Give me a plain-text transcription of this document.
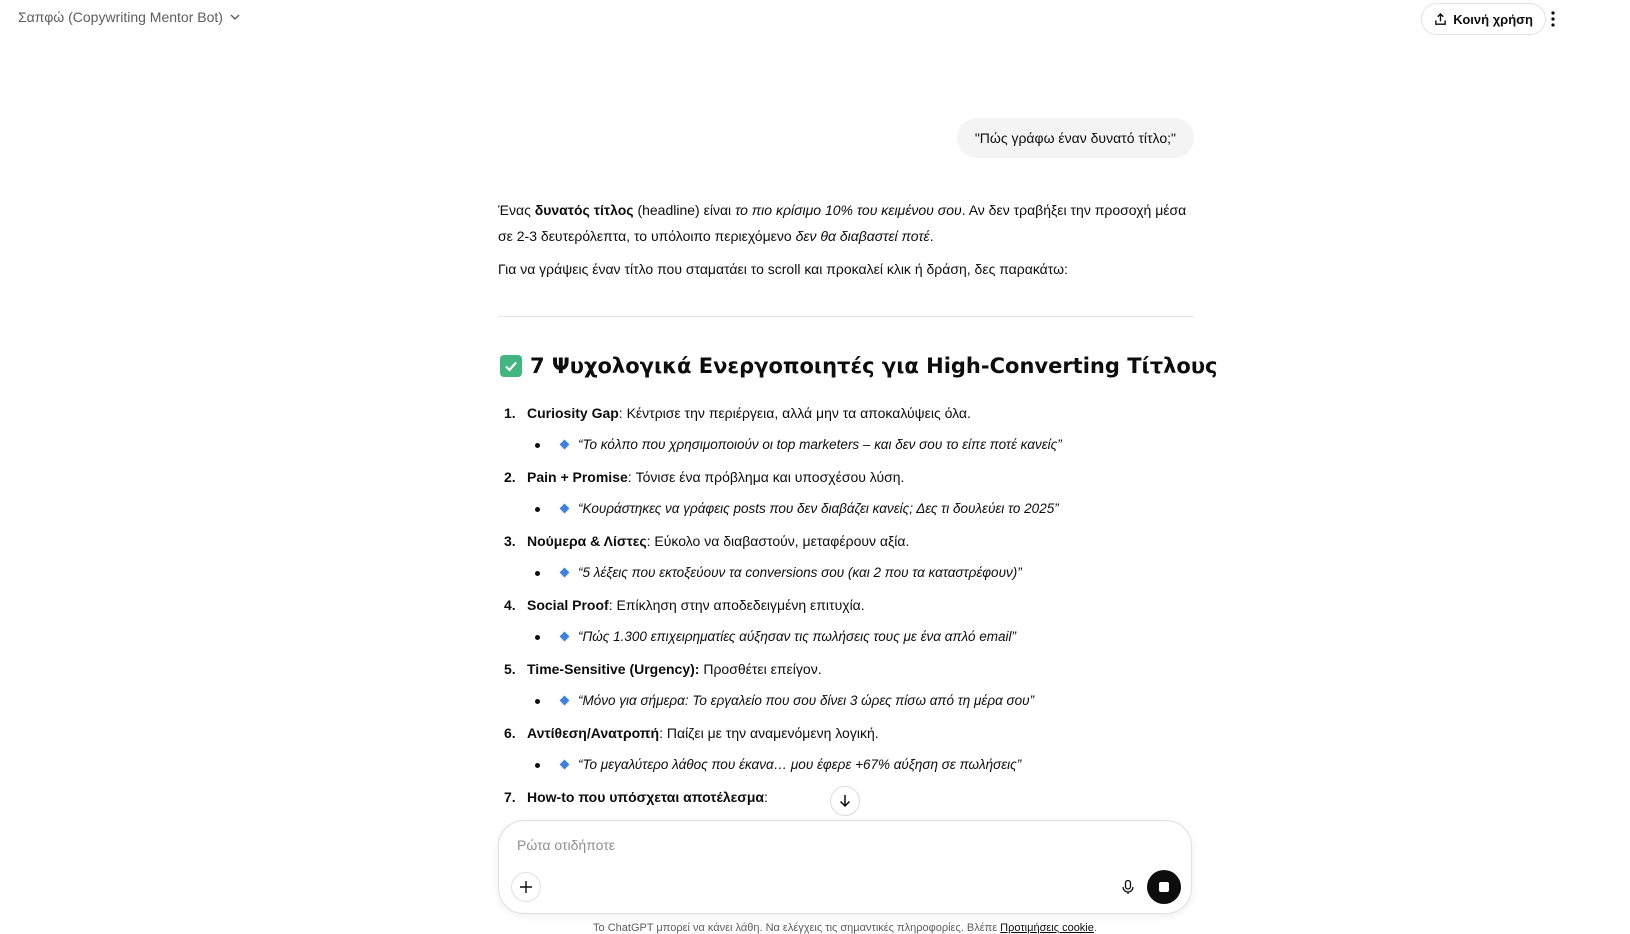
Σαπφώ (Copywriting Mentor Bot)	Κοινή χρήση
"Πώς γράφω έναν δυνατό τίτλο;"
Ένας δυνατός τίτλος (headline) είναι το πιο κρίσιμο 10% του κειμένου σου. Αν δεν τραβήξει την προσοχή μέσα σε 2-3 δευτερόλεπτα, το υπόλοιπο περιεχόμενο δεν θα διαβαστεί ποτέ.
Για να γράψεις έναν τίτλο που σταματάει το scroll και προκαλεί κλικ ή δράση, δες παρακάτω:
7 Ψυχολογικά Ενεργοποιητές για High-Converting Τίτλους
1. Curiosity Gap: Κέντρισε την περιέργεια, αλλά μην τα αποκαλύψεις όλα.
“Το κόλπο που χρησιμοποιούν οι top marketers – και δεν σου το είπε ποτέ κανείς”
2. Pain + Promise: Τόνισε ένα πρόβλημα και υποσχέσου λύση.
“Κουράστηκες να γράφεις posts που δεν διαβάζει κανείς; Δες τι δουλεύει το 2025”
3. Νούμερα & Λίστες: Εύκολο να διαβαστούν, μεταφέρουν αξία.
“5 λέξεις που εκτοξεύουν τα conversions σου (και 2 που τα καταστρέφουν)”
4. Social Proof: Επίκληση στην αποδεδειγμένη επιτυχία.
“Πώς 1.300 επιχειρηματίες αύξησαν τις πωλήσεις τους με ένα απλό email”
5. Time-Sensitive (Urgency): Προσθέτει επείγον.
“Μόνο για σήμερα: Το εργαλείο που σου δίνει 3 ώρες πίσω από τη μέρα σου”
6. Αντίθεση/Ανατροπή: Παίζει με την αναμενόμενη λογική.
“Το μεγαλύτερο λάθος που έκανα… μου έφερε +67% αύξηση σε πωλήσεις”
7. How-to που υπόσχεται αποτέλεσμα:
Ρώτα οτιδήποτε
Το ChatGPT μπορεί να κάνει λάθη. Να ελέγχεις τις σημαντικές πληροφορίες. Βλέπε Προτιμήσεις cookie.
